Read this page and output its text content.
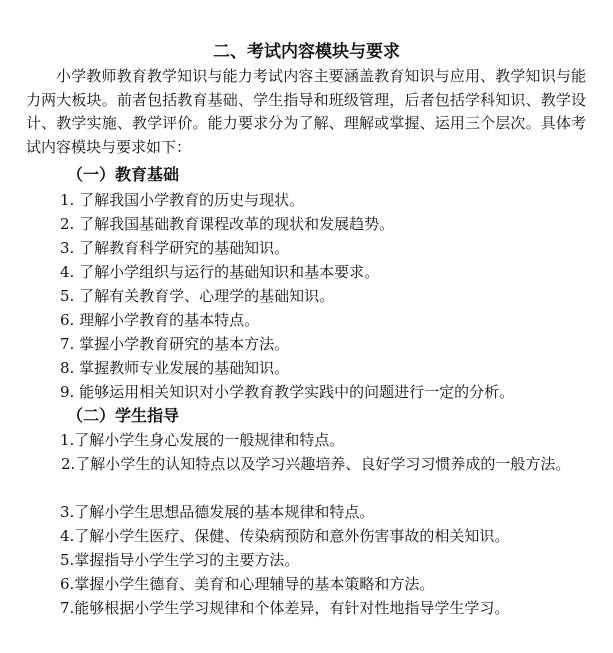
二、考试内容模块与要求

小学教师教育教学知识与能力考试内容主要涵盖教育知识与应用、教学知识与能力两大板块。前者包括教育基础、学生指导和班级管理，后者包括学科知识、教学设计、教学实施、教学评价。能力要求分为了解、理解或掌握、运用三个层次。具体考试内容模块与要求如下：

（一）教育基础
1. 了解我国小学教育的历史与现状。
2. 了解我国基础教育课程改革的现状和发展趋势。
3. 了解教育科学研究的基础知识。
4. 了解小学组织与运行的基础知识和基本要求。
5. 了解有关教育学、心理学的基础知识。
6. 理解小学教育的基本特点。
7. 掌握小学教育研究的基本方法。
8. 掌握教师专业发展的基础知识。
9. 能够运用相关知识对小学教育教学实践中的问题进行一定的分析。
（二）学生指导
1.了解小学生身心发展的一般规律和特点。

2.了解小学生的认知特点以及学习兴趣培养、良好学习习惯养成的一般方法。

3.了解小学生思想品德发展的基本规律和特点。
4.了解小学生医疗、保健、传染病预防和意外伤害事故的相关知识。
5.掌握指导小学生学习的主要方法。
6.掌握小学生德育、美育和心理辅导的基本策略和方法。
7.能够根据小学生学习规律和个体差异，有针对性地指导学生学习。
